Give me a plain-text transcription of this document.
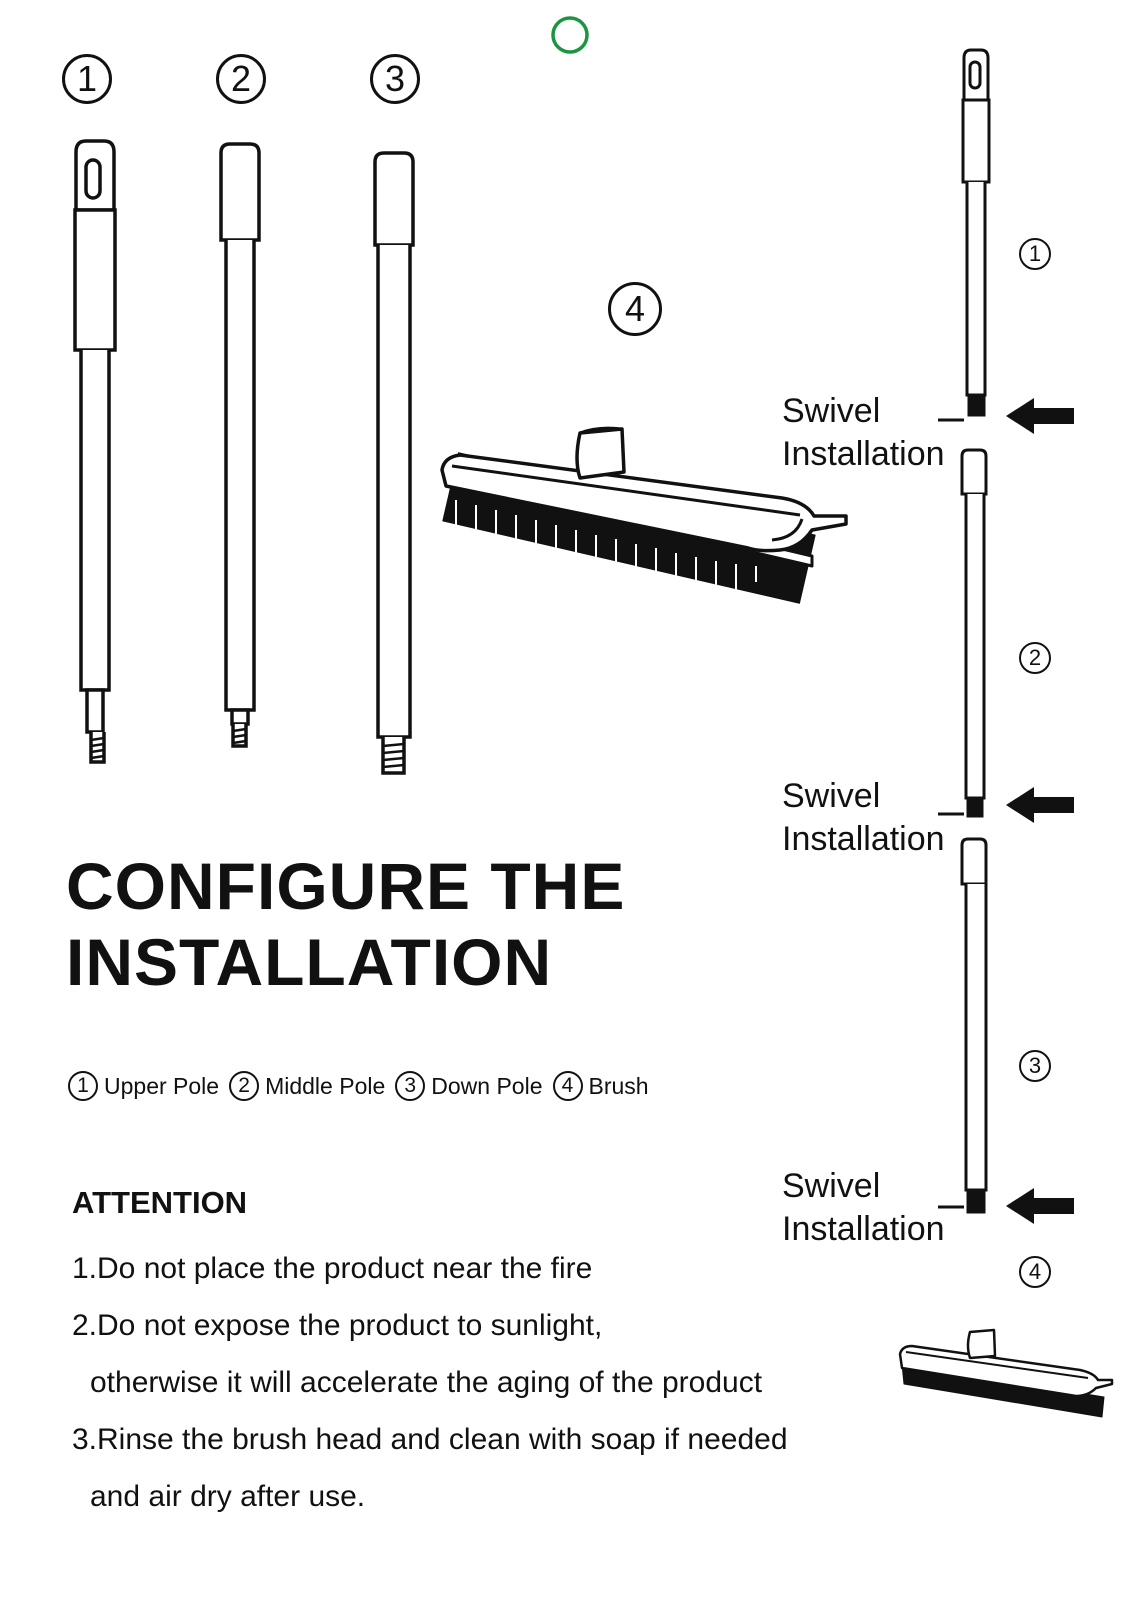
1	2	3
4
1
2
3
4
Swivel
Installation
Swivel
Installation
Swivel
Installation
CONFIGURE THE
INSTALLATION
1 Upper Pole 2 Middle Pole 3 Down Pole 4 Brush
ATTENTION
1.Do not place the product near the fire
2.Do not expose the product to sunlight,
otherwise it will accelerate the aging of the product
3.Rinse the brush head and clean with soap if needed
and air dry after use.
